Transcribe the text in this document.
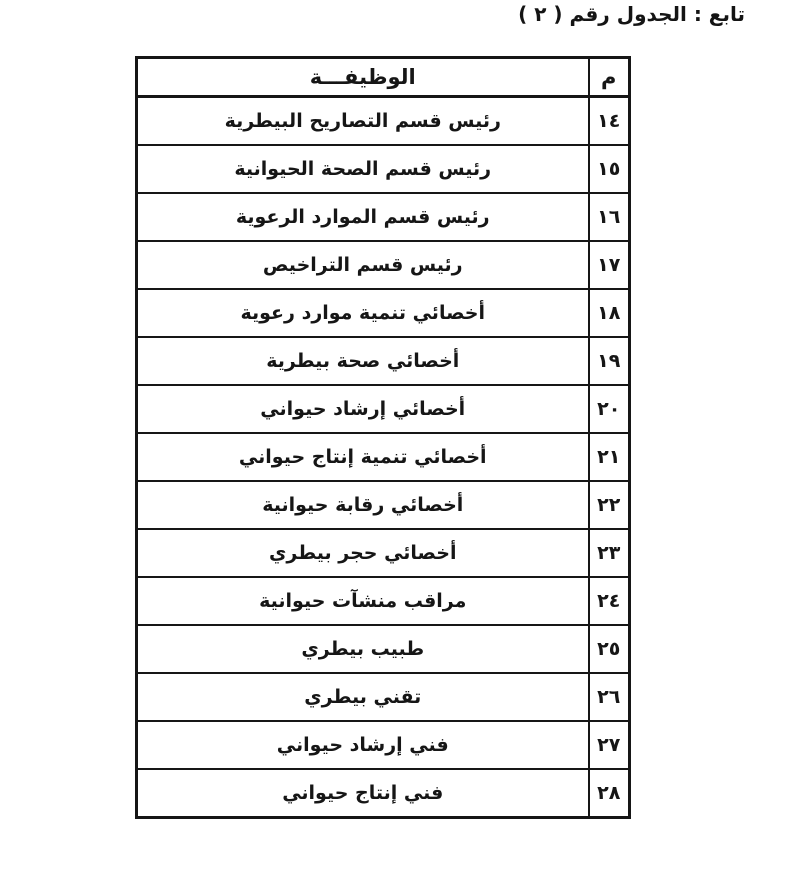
تابع : الجدول رقم ( ٢ )
م	الوظيفـــة
١٤	رئيس قسم التصاريح البيطرية
١٥	رئيس قسم الصحة الحيوانية
١٦	رئيس قسم الموارد الرعوية
١٧	رئيس قسم التراخيص
١٨	أخصائي تنمية موارد رعوية
١٩	أخصائي صحة بيطرية
٢٠	أخصائي إرشاد حيواني
٢١	أخصائي تنمية إنتاج حيواني
٢٢	أخصائي رقابة حيوانية
٢٣	أخصائي حجر بيطري
٢٤	مراقب منشآت حيوانية
٢٥	طبيب بيطري
٢٦	تقني بيطري
٢٧	فني إرشاد حيواني
٢٨	فني إنتاج حيواني
